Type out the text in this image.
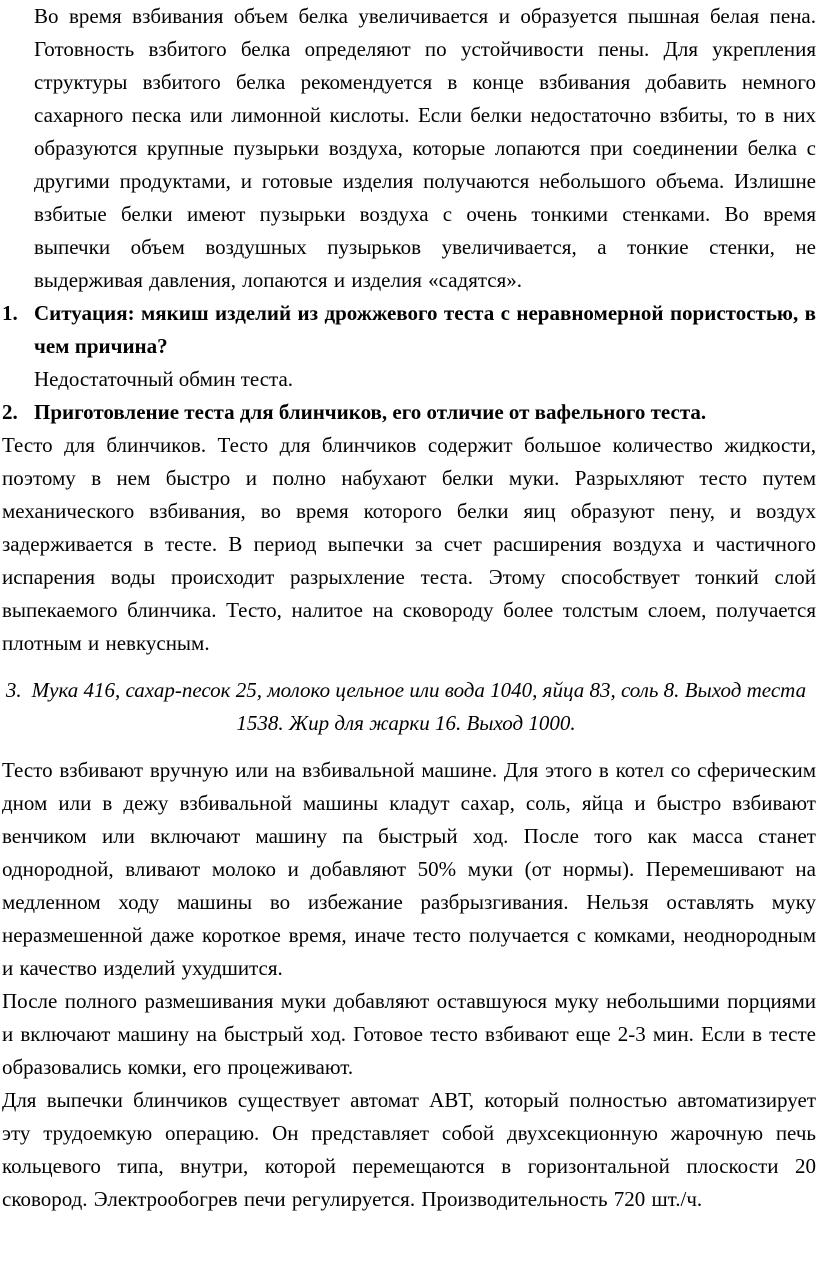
Во время взбивания объем белка увеличивается и образуется пышная белая пена. Готовность взбитого белка определяют по устойчивости пены. Для укрепления структуры взбитого белка рекомендуется в конце взбивания добавить немного сахарного песка или лимонной кислоты. Если белки недостаточно взбиты, то в них образуются крупные пузырьки воздуха, которые лопаются при соединении белка с другими продуктами, и готовые изделия получаются небольшого объема. Излишне взбитые белки имеют пузырьки воздуха с очень тонкими стенками. Во время выпечки объем воздушных пузырьков увеличивается, а тонкие стенки, не выдерживая давления, лопаются и изделия «садятся».

1. Ситуация: мякиш изделий из дрожжевого теста с неравномерной пористостью, в чем причина?

Недостаточный обмин теста.

2. Приготовление теста для блинчиков, его отличие от вафельного теста.

Тесто для блинчиков. Тесто для блинчиков содержит большое количество жидкости, поэтому в нем быстро и полно набухают белки муки. Разрыхляют тесто путем механического взбивания, во время которого белки яиц образуют пену, и воздух задерживается в тесте. В период выпечки за счет расширения воздуха и частичного испарения воды происходит разрыхление теста. Этому способствует тонкий слой выпекаемого блинчика. Тесто, налитое на сковороду более толстым слоем, получается плотным и невкусным.

3. Мука 416, сахар-песок 25, молоко цельное или вода 1040, яйца 83, соль 8. Выход теста 1538. Жир для жарки 16. Выход 1000.

Тесто взбивают вручную или на взбивальной машине. Для этого в котел со сферическим дном или в дежу взбивальной машины кладут сахар, соль, яйца и быстро взбивают венчиком или включают машину па быстрый ход. После того как масса станет однородной, вливают молоко и добавляют 50% муки (от нормы). Перемешивают на медленном ходу машины во избежание разбрызгивания. Нельзя оставлять муку неразмешенной даже короткое время, иначе тесто получается с комками, неоднородным и качество изделий ухудшится.

После полного размешивания муки добавляют оставшуюся муку небольшими порциями и включают машину на быстрый ход. Готовое тесто взбивают еще 2-3 мин. Если в тесте образовались комки, его процеживают.

Для выпечки блинчиков существует автомат АВТ, который полностью автоматизирует эту трудоемкую операцию. Он представляет собой двухсекционную жарочную печь кольцевого типа, внутри, которой перемещаются в горизонтальной плоскости 20 сковород. Электрообогрев печи регулируется. Производительность 720 шт./ч.
